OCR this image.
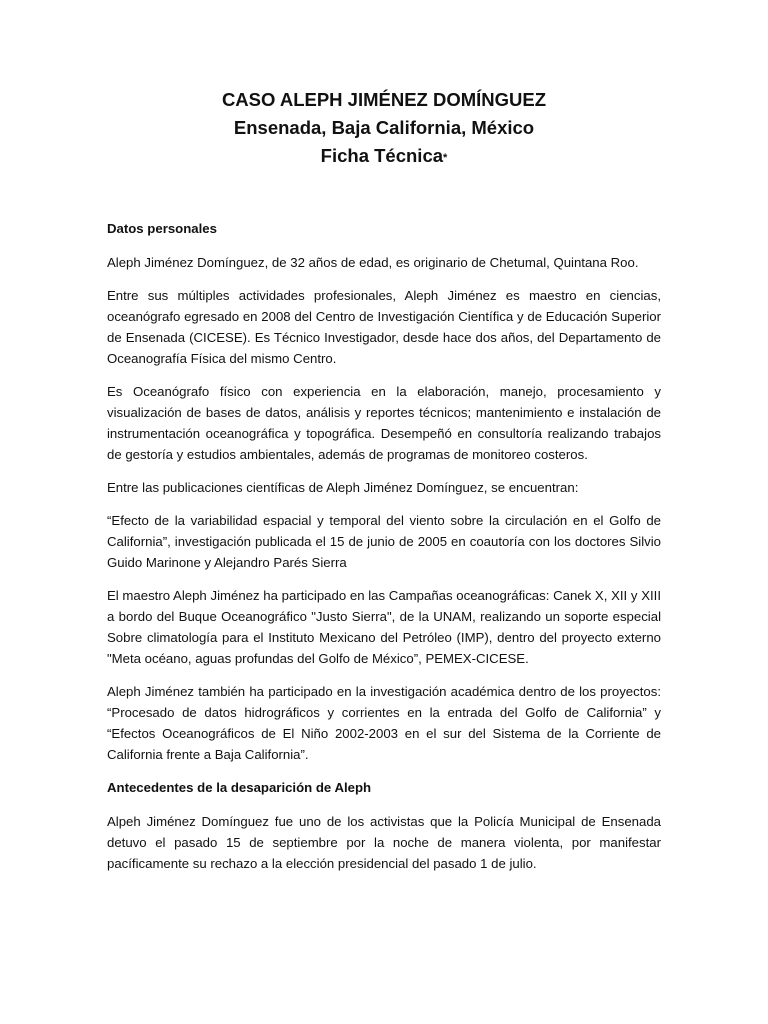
CASO ALEPH JIMÉNEZ DOMÍNGUEZ

Ensenada, Baja California, México

Ficha Técnica*

Datos personales

Aleph Jiménez Domínguez, de 32 años de edad, es originario de Chetumal, Quintana Roo.

Entre sus múltiples actividades profesionales, Aleph Jiménez es maestro en ciencias, oceanógrafo egresado en 2008 del Centro de Investigación Científica y de Educación Superior de Ensenada (CICESE). Es Técnico Investigador, desde hace dos años, del Departamento de Oceanografía Física del mismo Centro.

Es Oceanógrafo físico con experiencia en la elaboración, manejo, procesamiento y visualización de bases de datos, análisis y reportes técnicos; mantenimiento e instalación de instrumentación oceanográfica y topográfica. Desempeñó en consultoría realizando trabajos de gestoría y estudios ambientales, además de programas de monitoreo costeros.

Entre las publicaciones científicas de Aleph Jiménez Domínguez, se encuentran:

“Efecto de la variabilidad espacial y temporal del viento sobre la circulación en el Golfo de California”, investigación publicada el 15 de junio de 2005 en coautoría con los doctores Silvio Guido Marinone y Alejandro Parés Sierra

El maestro Aleph Jiménez ha participado en las Campañas oceanográficas: Canek X, XII y XIII a bordo del Buque Oceanográfico "Justo Sierra", de la UNAM, realizando un soporte especial Sobre climatología para el Instituto Mexicano del Petróleo (IMP), dentro del proyecto externo "Meta océano, aguas profundas del Golfo de México”, PEMEX-CICESE.

Aleph Jiménez también ha participado en la investigación académica dentro de los proyectos: “Procesado de datos hidrográficos y corrientes en la entrada del Golfo de California” y “Efectos Oceanográficos de El Niño 2002-2003 en el sur del Sistema de la Corriente de California frente a Baja California”.

Antecedentes de la desaparición de Aleph

Alpeh Jiménez Domínguez fue uno de los activistas que la Policía Municipal de Ensenada detuvo el pasado 15 de septiembre por la noche de manera violenta, por manifestar pacíficamente su rechazo a la elección presidencial del pasado 1 de julio.
